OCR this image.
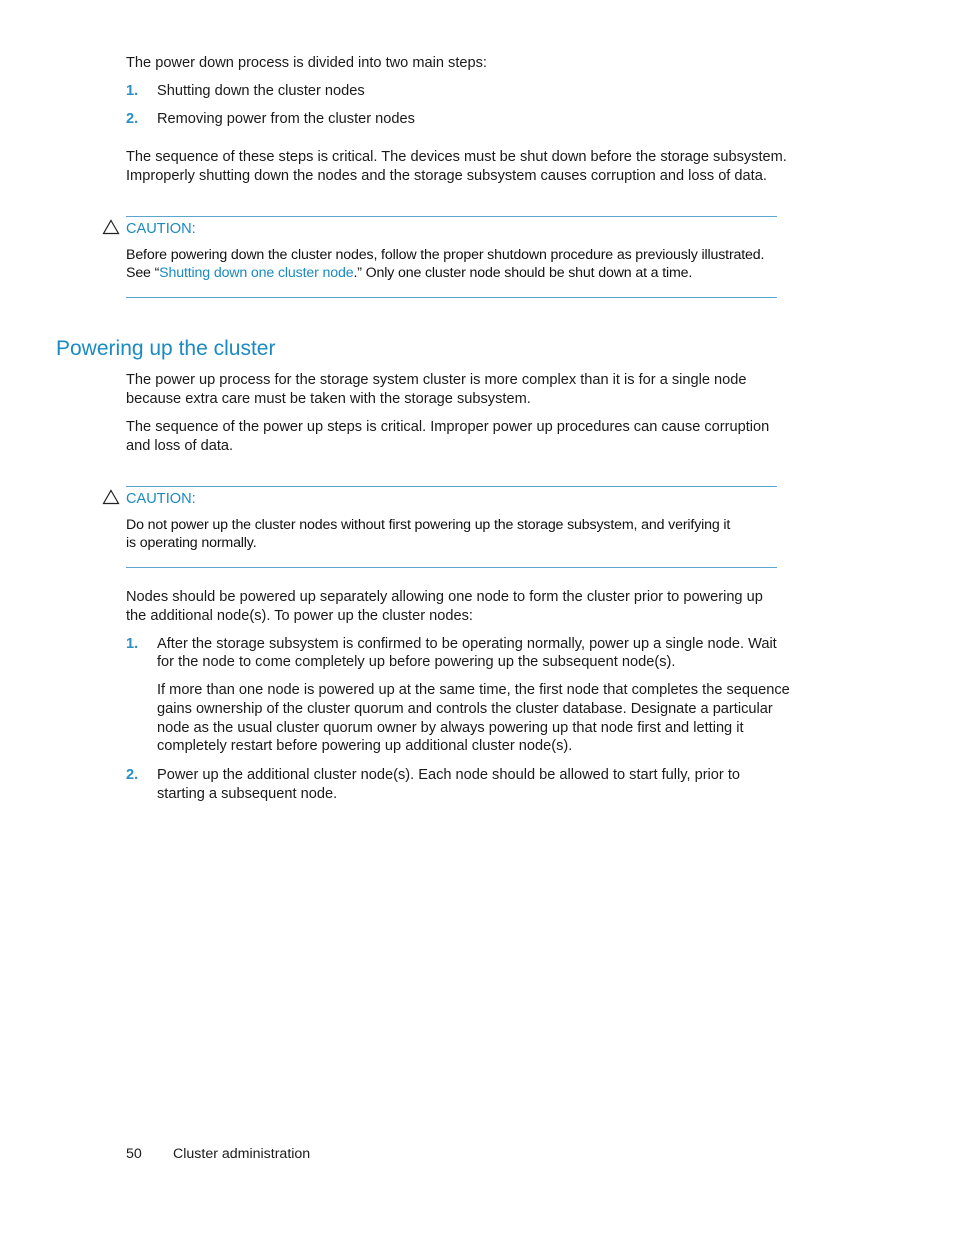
The power down process is divided into two main steps:
1. Shutting down the cluster nodes
2. Removing power from the cluster nodes
The sequence of these steps is critical. The devices must be shut down before the storage subsystem.
Improperly shutting down the nodes and the storage subsystem causes corruption and loss of data.
CAUTION:
Before powering down the cluster nodes, follow the proper shutdown procedure as previously illustrated.
See “Shutting down one cluster node.” Only one cluster node should be shut down at a time.
Powering up the cluster
The power up process for the storage system cluster is more complex than it is for a single node
because extra care must be taken with the storage subsystem.
The sequence of the power up steps is critical. Improper power up procedures can cause corruption
and loss of data.
CAUTION:
Do not power up the cluster nodes without first powering up the storage subsystem, and verifying it
is operating normally.
Nodes should be powered up separately allowing one node to form the cluster prior to powering up
the additional node(s). To power up the cluster nodes:
1. After the storage subsystem is confirmed to be operating normally, power up a single node. Wait
for the node to come completely up before powering up the subsequent node(s).
If more than one node is powered up at the same time, the first node that completes the sequence
gains ownership of the cluster quorum and controls the cluster database. Designate a particular
node as the usual cluster quorum owner by always powering up that node first and letting it
completely restart before powering up additional cluster node(s).
2. Power up the additional cluster node(s). Each node should be allowed to start fully, prior to
starting a subsequent node.
50 Cluster administration
